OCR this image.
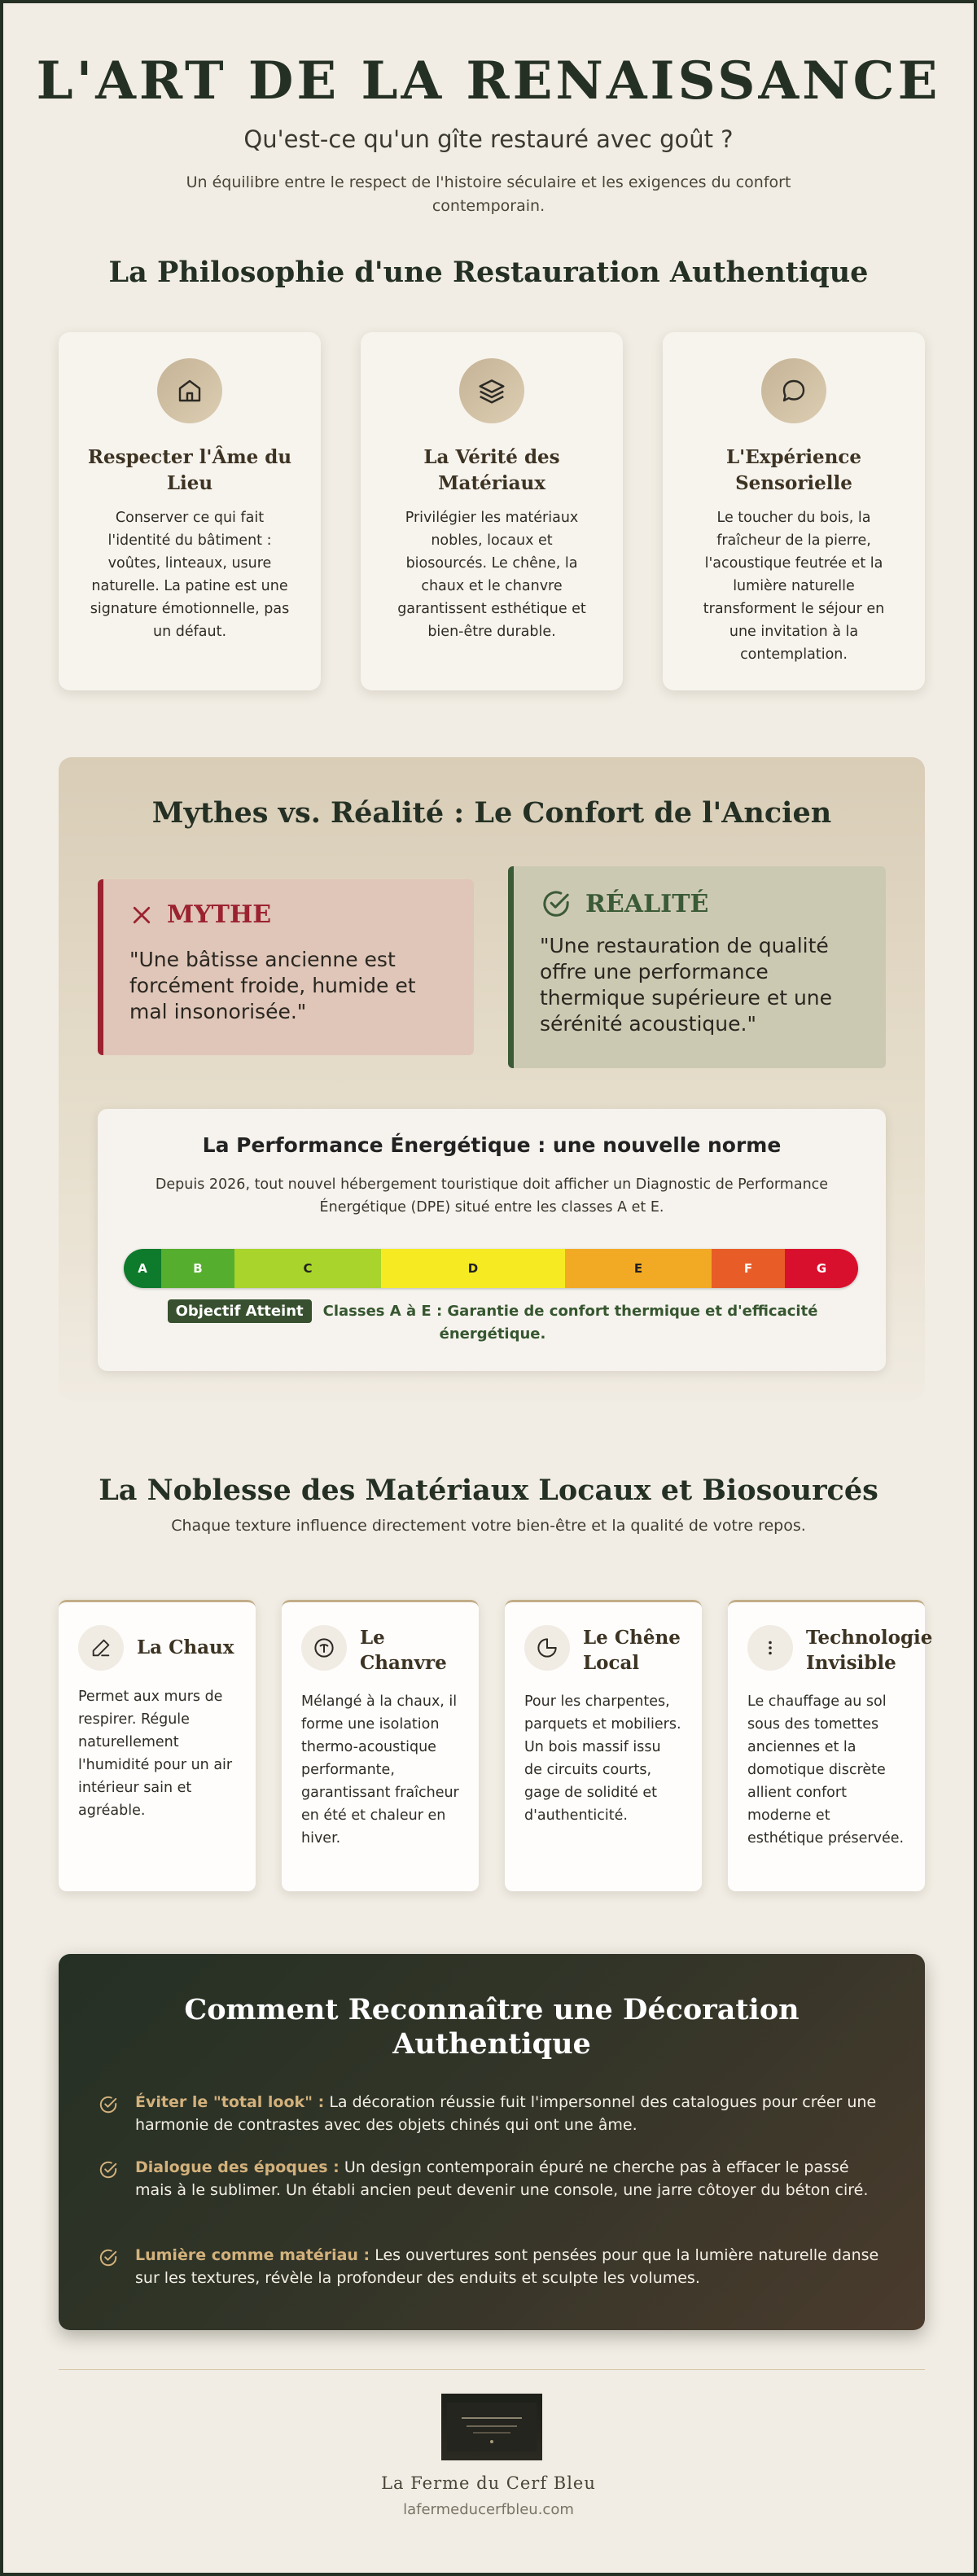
L'ART DE LA RENAISSANCE
Qu'est-ce qu'un gîte restauré avec goût ?

Un équilibre entre le respect de l'histoire séculaire et les exigences du confort contemporain.

La Philosophie d'une Restauration Authentique
Respecter l'Âme du Lieu

Conserver ce qui fait l'identité du bâtiment : voûtes, linteaux, usure naturelle. La patine est une signature émotionnelle, pas un défaut.

La Vérité des Matériaux

Privilégier les matériaux nobles, locaux et biosourcés. Le chêne, la chaux et le chanvre garantissent esthétique et bien-être durable.

L'Expérience Sensorielle

Le toucher du bois, la fraîcheur de la pierre, l'acoustique feutrée et la lumière naturelle transforment le séjour en une invitation à la contemplation.

Mythes vs. Réalité : Le Confort de l'Ancien
MYTHE
"Une bâtisse ancienne est forcément froide, humide et mal insonorisée."
RÉALITÉ
"Une restauration de qualité offre une performance thermique supérieure et une sérénité acoustique."
La Performance Énergétique : une nouvelle norme

Depuis 2026, tout nouvel hébergement touristique doit afficher un Diagnostic de Performance Énergétique (DPE) situé entre les classes A et E.

A	B	C	D	E	F	G
Objectif Atteint Classes A à E : Garantie de confort thermique et d'efficacité énergétique.
La Noblesse des Matériaux Locaux et Biosourcés
Chaque texture influence directement votre bien-être et la qualité de votre repos.
La Chaux

Permet aux murs de respirer. Régule naturellement l'humidité pour un air intérieur sain et agréable.

Le Chanvre

Mélangé à la chaux, il forme une isolation thermo-acoustique performante, garantissant fraîcheur en été et chaleur en hiver.

Le Chêne Local

Pour les charpentes, parquets et mobiliers. Un bois massif issu de circuits courts, gage de solidité et d'authenticité.

Technologie Invisible

Le chauffage au sol sous des tomettes anciennes et la domotique discrète allient confort moderne et esthétique préservée.

Comment Reconnaître une Décoration Authentique

Éviter le "total look" : La décoration réussie fuit l'impersonnel des catalogues pour créer une harmonie de contrastes avec des objets chinés qui ont une âme.

Dialogue des époques : Un design contemporain épuré ne cherche pas à effacer le passé mais à le sublimer. Un établi ancien peut devenir une console, une jarre côtoyer du béton ciré.

Lumière comme matériau : Les ouvertures sont pensées pour que la lumière naturelle danse sur les textures, révèle la profondeur des enduits et sculpte les volumes.

La Ferme du Cerf Bleu
lafermeducerfbleu.com
